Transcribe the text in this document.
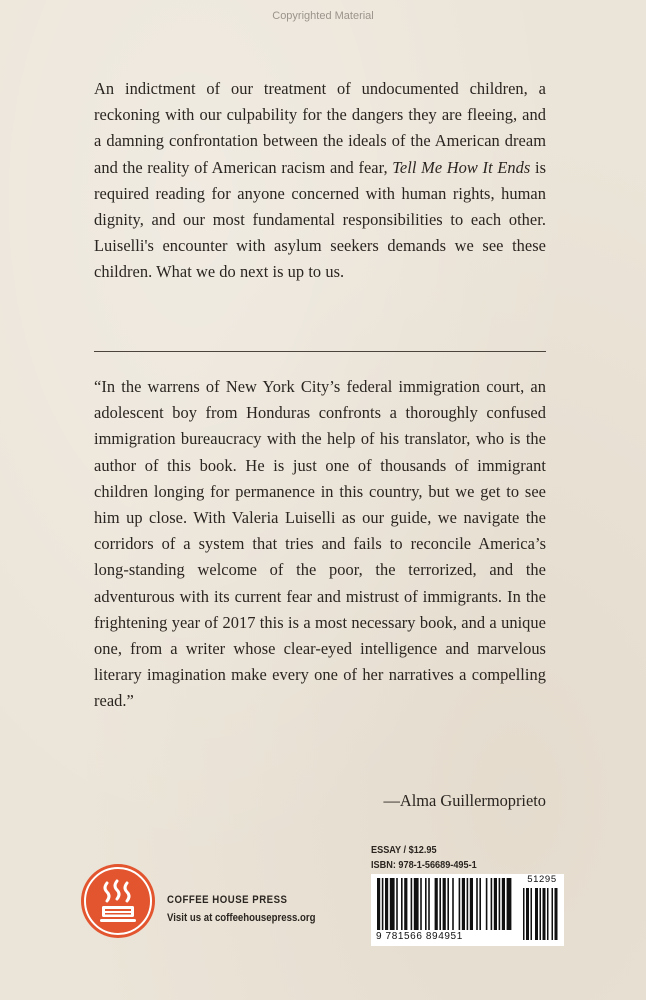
Copyrighted Material

An indictment of our treatment of undocumented children, a reckoning with our culpability for the dangers they are fleeing, and a damning confrontation between the ideals of the American dream and the reality of American racism and fear, Tell Me How It Ends is required reading for anyone concerned with human rights, human dignity, and our most fundamental responsibilities to each other. Luiselli's encounter with asylum seekers demands we see these children. What we do next is up to us.

“In the warrens of New York City’s federal immigration court, an adolescent boy from Honduras confronts a thoroughly confused immigration bureaucracy with the help of his translator, who is the author of this book. He is just one of thousands of immigrant children longing for permanence in this country, but we get to see him up close. With Valeria Luiselli as our guide, we navigate the corridors of a system that tries and fails to reconcile America’s long-standing welcome of the poor, the terrorized, and the adventurous with its current fear and mistrust of immigrants. In the frightening year of 2017 this is a most necessary book, and a unique one, from a writer whose clear-eyed intelligence and marvelous literary imagination make every one of her narratives a compelling read.”

—Alma Guillermoprieto
COFFEE HOUSE PRESS
Visit us at coffeehousepress.org
ESSAY / $12.95
ISBN: 978-1-56689-495-1
9 781566 894951
51295
